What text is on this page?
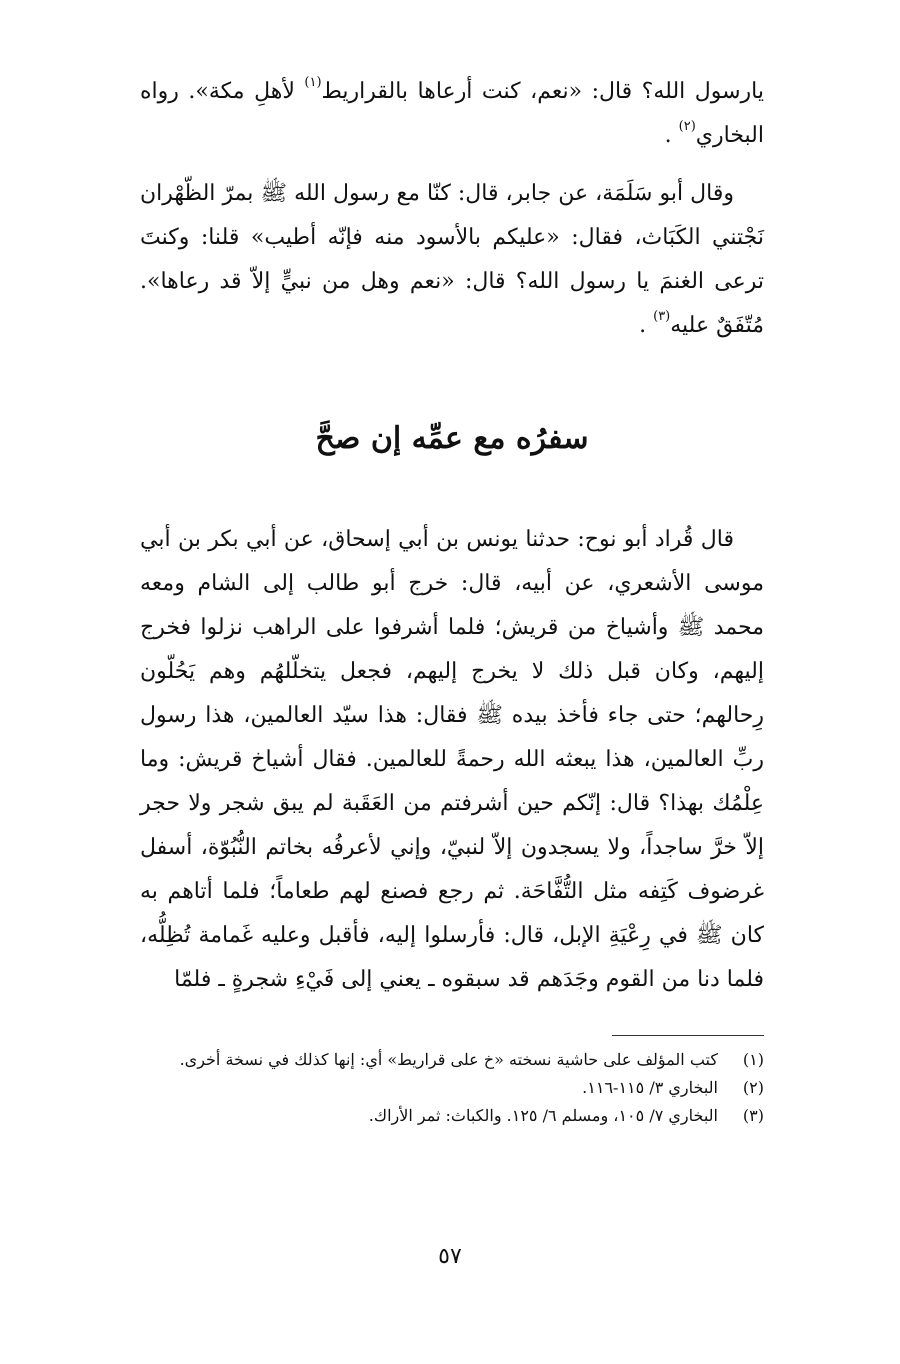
يارسول الله؟ قال: «نعم، كنت أرعاها بالقراريط$^{(١)}$ لأهلِ مكة». رواه البخاري$^{(٢)}$ .

وقال أبو سَلَمَة، عن جابر، قال: كنّا مع رسول الله ﷺ بمرّ الظّهْران نَجْتني الكَبَاث، فقال: «عليكم بالأسود منه فإنّه أطيب» قلنا: وكنتَ ترعى الغنمَ يا رسول الله؟ قال: «نعم وهل من نبيٍّ إلاّ قد رعاها». مُتّفَقٌ عليه$^{(٣)}$ .

سفرُه مع عمِّه إن صحَّ

قال قُراد أبو نوح: حدثنا يونس بن أبي إسحاق، عن أبي بكر بن أبي موسى الأشعري، عن أبيه، قال: خرج أبو طالب إلى الشام ومعه محمد ﷺ وأشياخ من قريش؛ فلما أشرفوا على الراهب نزلوا فخرج إليهم، وكان قبل ذلك لا يخرج إليهم، فجعل يتخلّلهُم وهم يَحُلّون رِحالهم؛ حتى جاء فأخذ بيده ﷺ فقال: هذا سيّد العالمين، هذا رسول ربِّ العالمين، هذا يبعثه الله رحمةً للعالمين. فقال أشياخ قريش: وما عِلْمُك بهذا؟ قال: إنّكم حين أشرفتم من العَقَبة لم يبق شجر ولا حجر إلاّ خرَّ ساجداً، ولا يسجدون إلاّ لنبيّ، وإني لأعرفُه بخاتم النُّبُوّة، أسفل غرضوف كَتِفه مثل التُّفَّاحَة. ثم رجع فصنع لهم طعاماً؛ فلما أتاهم به كان ﷺ في رِعْيَةِ الإبل، قال: فأرسلوا إليه، فأقبل وعليه غَمامة تُظِلُّه، فلما دنا من القوم وجَدَهم قد سبقوه ـ يعني إلى فَيْءِ شجرةٍ ـ فلمّا

(١)
كتب المؤلف على حاشية نسخته «خ على قراريط» أي: إنها كذلك في نسخة أخرى.
(٢)
البخاري ٣/ ١١٥-١١٦.
(٣)
البخاري ٧/ ١٠٥، ومسلم ٦/ ١٢٥. والكباث: ثمر الأراك.
٥٧
